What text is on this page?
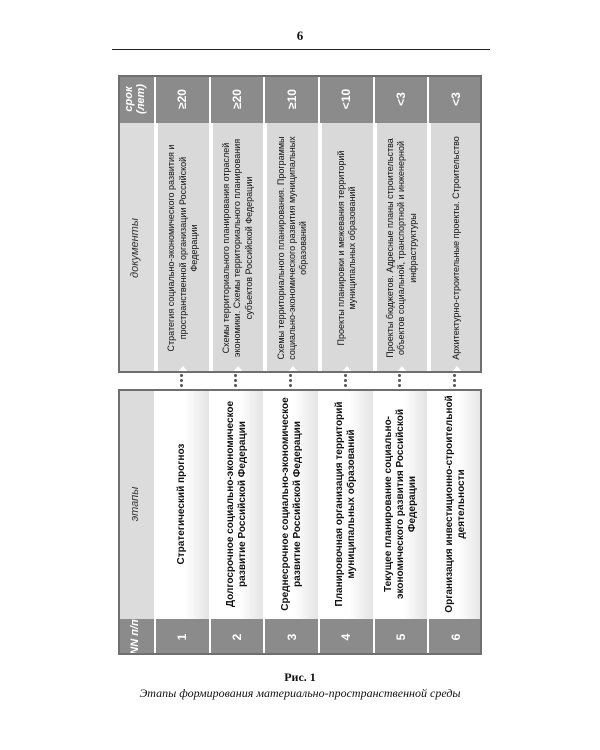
6
NN п/п
этапы
документы
срок (лет)
1
Стратегический прогноз
Стратегия социально-экономического развития и пространственной организации Российской Федерации
≥20
2
Долгосрочное социально-экономическое развитие Российской Федерации
Схемы территориального планирования отраслей экономики. Схемы территориального планирования субъектов Российской Федерации
≥20
3
Среднесрочное социально-экономическое развитие Российской Федерации
Схемы территориального планирования. Программы социально-экономического развития муниципальных образований
≥10
4
Планировочная организация территорий муниципальных образований
Проекты планировки и межевания территорий муниципальных образований
<10
5
Текущее планирование социально-экономического развития Российской Федерации
Проекты бюджетов. Адресные планы строительства объектов социальной, транспортной и инженерной инфраструктуры
<3
6
Организация инвестиционно-строительной деятельности
Архитектурно-строительные проекты. Строительство
<3
Рис. 1
Этапы формирования материально-пространственной среды
